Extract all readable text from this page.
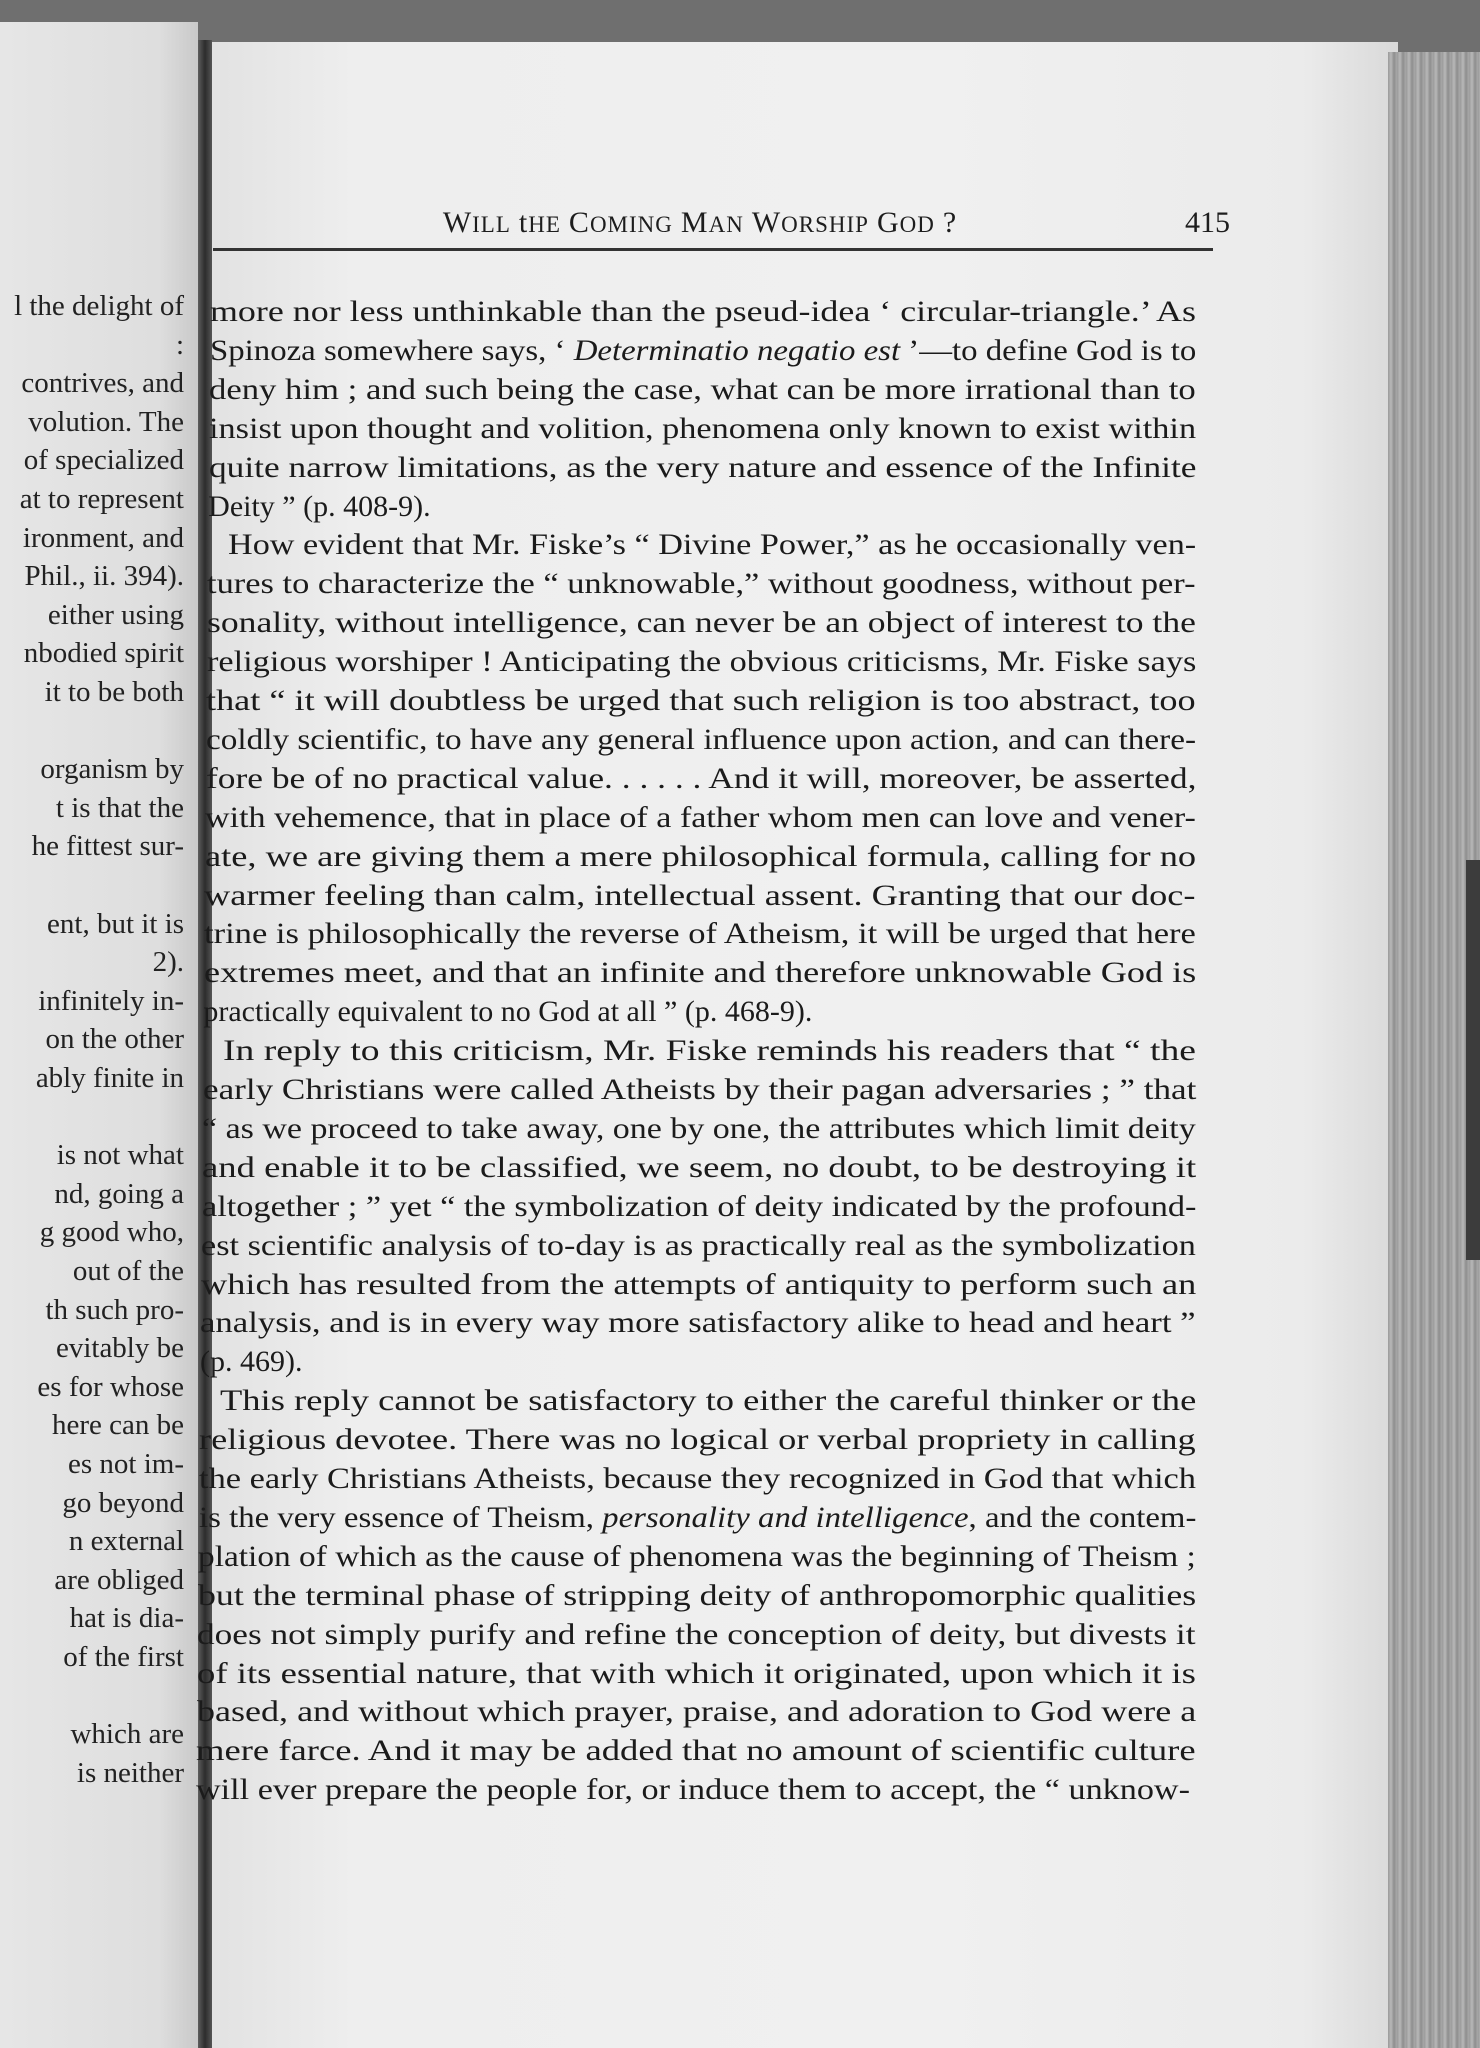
l the delight of
:
contrives, and
volution. The
of specialized
at to represent
ironment, and
Phil., ii. 394).
either using
nbodied spirit
it to be both
organism by
t is that the
he fittest sur-
ent, but it is
2).
infinitely in-
on the other
ably finite in
is not what
nd, going a
g good who,
out of the
th such pro-
evitably be
es for whose
here can be
es not im-
go beyond
n external
are obliged
hat is dia-
of the first
which are
is neither
WILL tHE COMING MAN WORSHIP GOD ?	415
more nor less unthinkable than the pseud-idea ‘ circular-triangle.’ As
Spinoza somewhere says, ‘ Determinatio negatio est ’—to define God is to
deny him ; and such being the case, what can be more irrational than to
insist upon thought and volition, phenomena only known to exist within
quite narrow limitations, as the very nature and essence of the Infinite
Deity ” (p. 408-9).
How evident that Mr. Fiske’s “ Divine Power,” as he occasionally ven-
tures to characterize the “ unknowable,” without goodness, without per-
sonality, without intelligence, can never be an object of interest to the
religious worshiper ! Anticipating the obvious criticisms, Mr. Fiske says
that “ it will doubtless be urged that such religion is too abstract, too
coldly scientific, to have any general influence upon action, and can there-
fore be of no practical value. . . . . . And it will, moreover, be asserted,
with vehemence, that in place of a father whom men can love and vener-
ate, we are giving them a mere philosophical formula, calling for no
warmer feeling than calm, intellectual assent. Granting that our doc-
trine is philosophically the reverse of Atheism, it will be urged that here
extremes meet, and that an infinite and therefore unknowable God is
practically equivalent to no God at all ” (p. 468-9).
In reply to this criticism, Mr. Fiske reminds his readers that “ the
early Christians were called Atheists by their pagan adversaries ; ” that
“ as we proceed to take away, one by one, the attributes which limit deity
and enable it to be classified, we seem, no doubt, to be destroying it
altogether ; ” yet “ the symbolization of deity indicated by the profound-
est scientific analysis of to-day is as practically real as the symbolization
which has resulted from the attempts of antiquity to perform such an
analysis, and is in every way more satisfactory alike to head and heart ”
(p. 469).
This reply cannot be satisfactory to either the careful thinker or the
religious devotee. There was no logical or verbal propriety in calling
the early Christians Atheists, because they recognized in God that which
is the very essence of Theism, personality and intelligence, and the contem-
plation of which as the cause of phenomena was the beginning of Theism ;
but the terminal phase of stripping deity of anthropomorphic qualities
does not simply purify and refine the conception of deity, but divests it
of its essential nature, that with which it originated, upon which it is
based, and without which prayer, praise, and adoration to God were a
mere farce. And it may be added that no amount of scientific culture
will ever prepare the people for, or induce them to accept, the “ unknow-
